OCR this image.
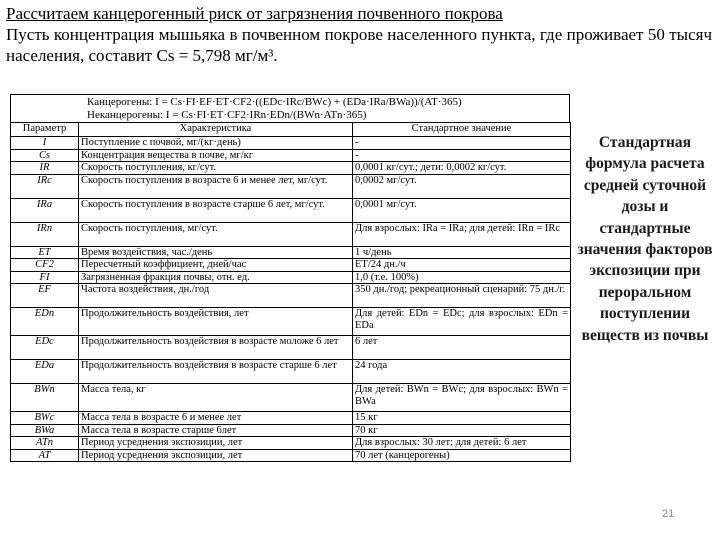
Рассчитаем канцерогенный риск от загрязнения почвенного покрова
Пусть концентрация мышьяка в почвенном покрове населенного пункта, где проживает 50 тысяч населения, составит Cs = 5,798 мг/м³.
Канцерогены: I = Cs·FI·EF·ET·CF2·((EDc·IRc/BWc) + (EDa·IRa/BWa))/(AT·365)
Неканцерогены: I = Cs·FI·ET·CF2·IRn·EDn/(BWn·ATn·365)
Параметр	Характеристика	Стандартное значение
I	Поступление с почвой, мг/(кг·день)	-
Cs	Концентрация вещества в почве, мг/кг	-
IR	Скорость поступления, кг/сут.	0,0001 кг/сут.; дети: 0,0002 кг/сут.
IRc	Скорость поступления в возрасте 6 и менее лет, мг/сут.	0,0002 мг/сут.
IRa	Скорость поступления в возрасте старше 6 лет, мг/сут.	0,0001 мг/сут.
IRn	Скорость поступления, мг/сут.	Для взрослых: IRa = IRa; для детей: IRn = IRc
ET	Время воздействия, час./день	1 ч/день
CF2	Пересчетный коэффициент, дней/час	ET/24 дн./ч
FI	Загрязненная фракция почвы, отн. ед.	1,0 (т.е. 100%)
EF	Частота воздействия, дн./год	350 дн./год; рекреационный сценарий: 75 дн./г.
EDn	Продолжительность воздействия, лет	Для детей: EDn = EDc; для взрослых: EDn = EDa
EDc	Продолжительность воздействия в возрасте моложе 6 лет	6 лет
EDa	Продолжительность воздействия в возрасте старше 6 лет	24 года
BWn	Масса тела, кг	Для детей: BWn = BWc; для взрослых: BWn = BWa
BWc	Масса тела в возрасте 6 и менее лет	15 кг
BWa	Масса тела в возрасте старше 6лет	70 кг
ATn	Период усреднения экспозиции, лет	Для взрослых: 30 лет; для детей: 6 лет
AT	Период усреднения экспозиции, лет	70 лет (канцерогены)
Стандартная формула расчета средней суточной дозы и стандартные значения факторов экспозиции при пероральном поступлении веществ из почвы
21
